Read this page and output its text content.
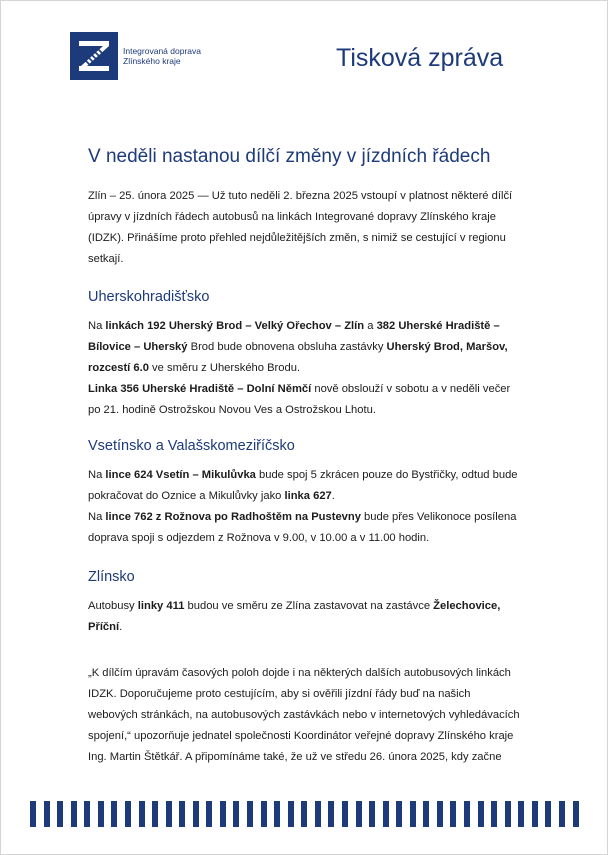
Integrovaná doprava
Zlínského kraje	Tisková zpráva
V neděli nastanou dílčí změny v jízdních řádech
Zlín – 25. února 2025 — Už tuto neděli 2. března 2025 vstoupí v platnost některé dílčí
úpravy v jízdních řádech autobusů na linkách Integrované dopravy Zlínského kraje
(IDZK). Přinášíme proto přehled nejdůležitějších změn, s nimiž se cestující v regionu
setkají.
Uherskohradišťsko
Na linkách 192 Uherský Brod – Velký Ořechov – Zlín a 382 Uherské Hradiště –
Bílovice – Uherský Brod bude obnovena obsluha zastávky Uherský Brod, Maršov,
rozcestí 6.0 ve směru z Uherského Brodu.
Linka 356 Uherské Hradiště – Dolní Němčí nově obslouží v sobotu a v neděli večer
po 21. hodině Ostrožskou Novou Ves a Ostrožskou Lhotu.
Vsetínsko a Valašskomeziříčsko
Na lince 624 Vsetín – Mikulůvka bude spoj 5 zkrácen pouze do Bystřičky, odtud bude
pokračovat do Oznice a Mikulůvky jako linka 627.
Na lince 762 z Rožnova po Radhoštěm na Pustevny bude přes Velikonoce posílena
doprava spoji s odjezdem z Rožnova v 9.00, v 10.00 a v 11.00 hodin.
Zlínsko
Autobusy linky 411 budou ve směru ze Zlína zastavovat na zastávce Želechovice,
Příční.
„K dílčím úpravám časových poloh dojde i na některých dalších autobusových linkách
IDZK. Doporučujeme proto cestujícím, aby si ověřili jízdní řády buď na našich
webových stránkách, na autobusových zastávkách nebo v internetových vyhledávacích
spojení,“ upozorňuje jednatel společnosti Koordinátor veřejné dopravy Zlínského kraje
Ing. Martin Štětkář. A připomínáme také, že už ve středu 26. února 2025, kdy začne
